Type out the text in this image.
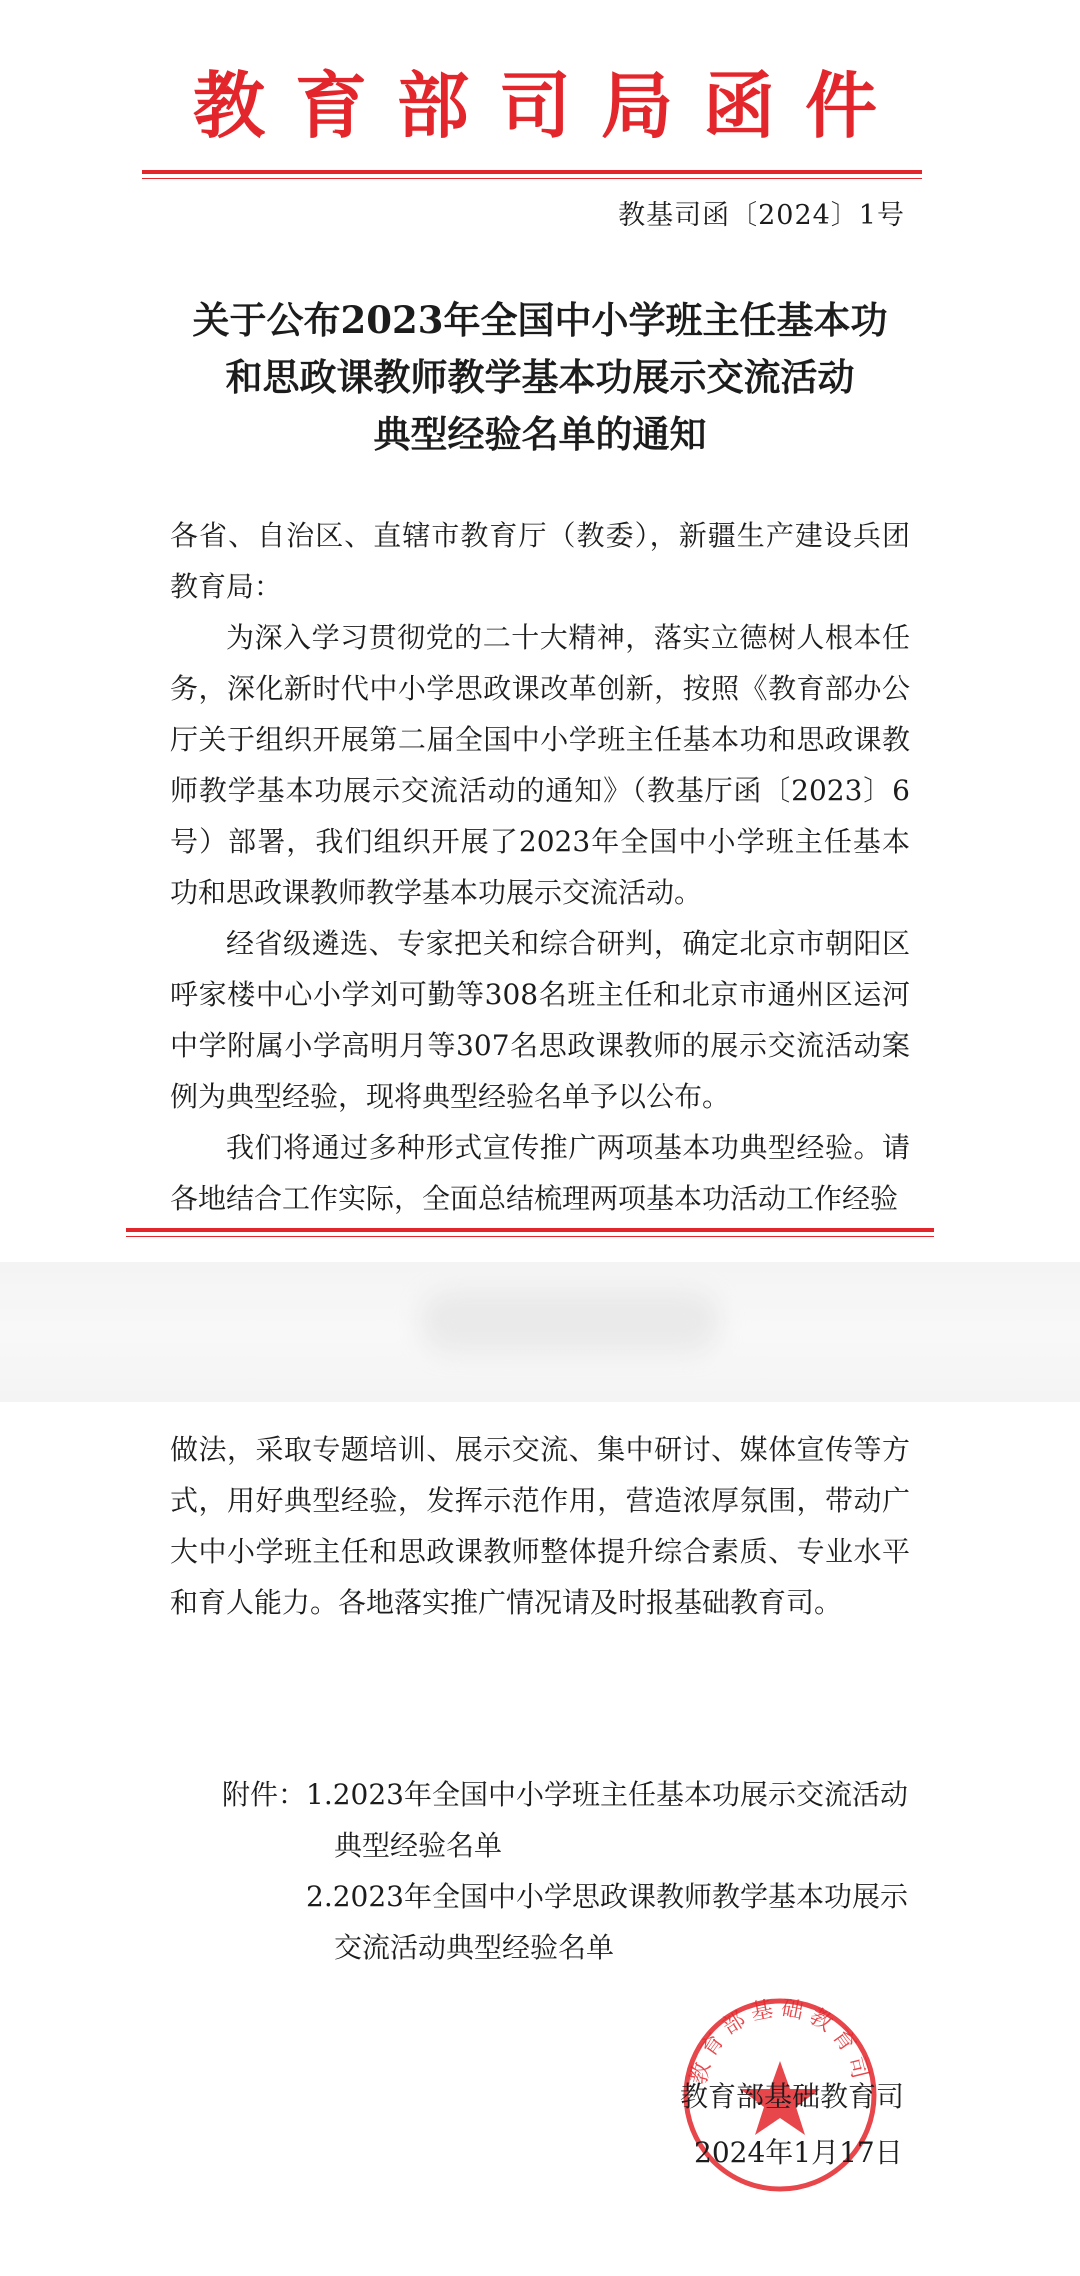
教育部司局函件
教基司函〔2024〕1号
关于公布2023年全国中小学班主任基本功
和思政课教师教学基本功展示交流活动
典型经验名单的通知
各省、自治区、直辖市教育厅（教委），新疆生产建设兵团教育局：
为深入学习贯彻党的二十大精神，落实立德树人根本任务，深化新时代中小学思政课改革创新，按照《教育部办公厅关于组织开展第二届全国中小学班主任基本功和思政课教师教学基本功展示交流活动的通知》（教基厅函〔2023〕6号）部署，我们组织开展了2023年全国中小学班主任基本功和思政课教师教学基本功展示交流活动。
经省级遴选、专家把关和综合研判，确定北京市朝阳区呼家楼中心小学刘可勤等308名班主任和北京市通州区运河中学附属小学高明月等307名思政课教师的展示交流活动案例为典型经验，现将典型经验名单予以公布。
我们将通过多种形式宣传推广两项基本功典型经验。请各地结合工作实际，全面总结梳理两项基本功活动工作经验
做法，采取专题培训、展示交流、集中研讨、媒体宣传等方式，用好典型经验，发挥示范作用，营造浓厚氛围，带动广大中小学班主任和思政课教师整体提升综合素质、专业水平和育人能力。各地落实推广情况请及时报基础教育司。
附件： 1.2023年全国中小学班主任基本功展示交流活动
典型经验名单
2.2023年全国中小学思政课教师教学基本功展示
交流活动典型经验名单
教育部基础教育司
教育部基础教育司
2024年1月17日
